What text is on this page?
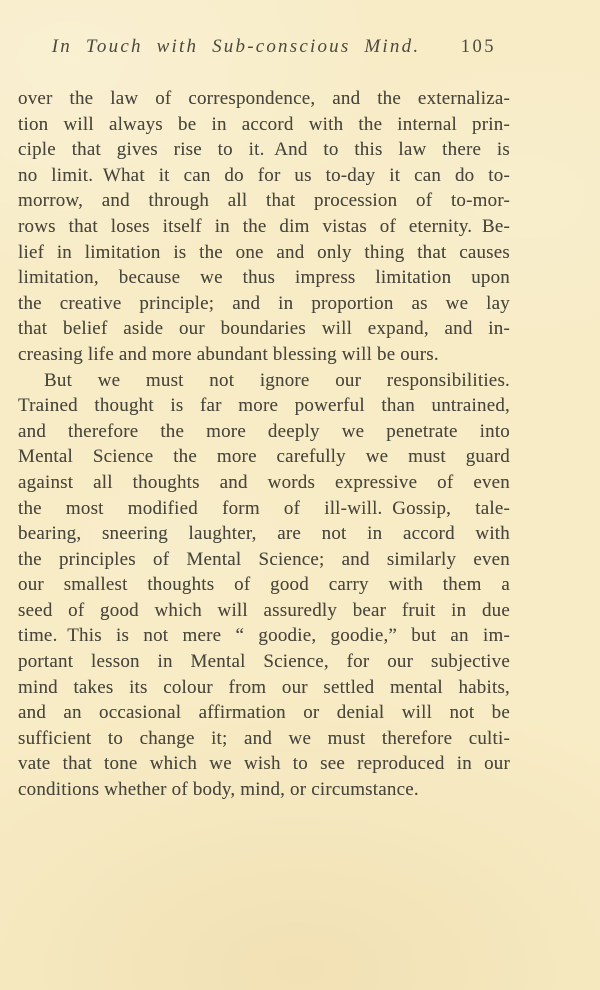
In Touch with Sub-conscious Mind.	105
over the law of correspondence, and the externaliza-
tion will always be in accord with the internal prin-
ciple that gives rise to it. And to this law there is
no limit. What it can do for us to-day it can do to-
morrow, and through all that procession of to-mor-
rows that loses itself in the dim vistas of eternity. Be-
lief in limitation is the one and only thing that causes
limitation, because we thus impress limitation upon
the creative principle; and in proportion as we lay
that belief aside our boundaries will expand, and in-
creasing life and more abundant blessing will be ours.
But we must not ignore our responsibilities.
Trained thought is far more powerful than untrained,
and therefore the more deeply we penetrate into
Mental Science the more carefully we must guard
against all thoughts and words expressive of even
the most modified form of ill-will. Gossip, tale-
bearing, sneering laughter, are not in accord with
the principles of Mental Science; and similarly even
our smallest thoughts of good carry with them a
seed of good which will assuredly bear fruit in due
time. This is not mere “ goodie, goodie,” but an im-
portant lesson in Mental Science, for our subjective
mind takes its colour from our settled mental habits,
and an occasional affirmation or denial will not be
sufficient to change it; and we must therefore culti-
vate that tone which we wish to see reproduced in our
conditions whether of body, mind, or circumstance.
